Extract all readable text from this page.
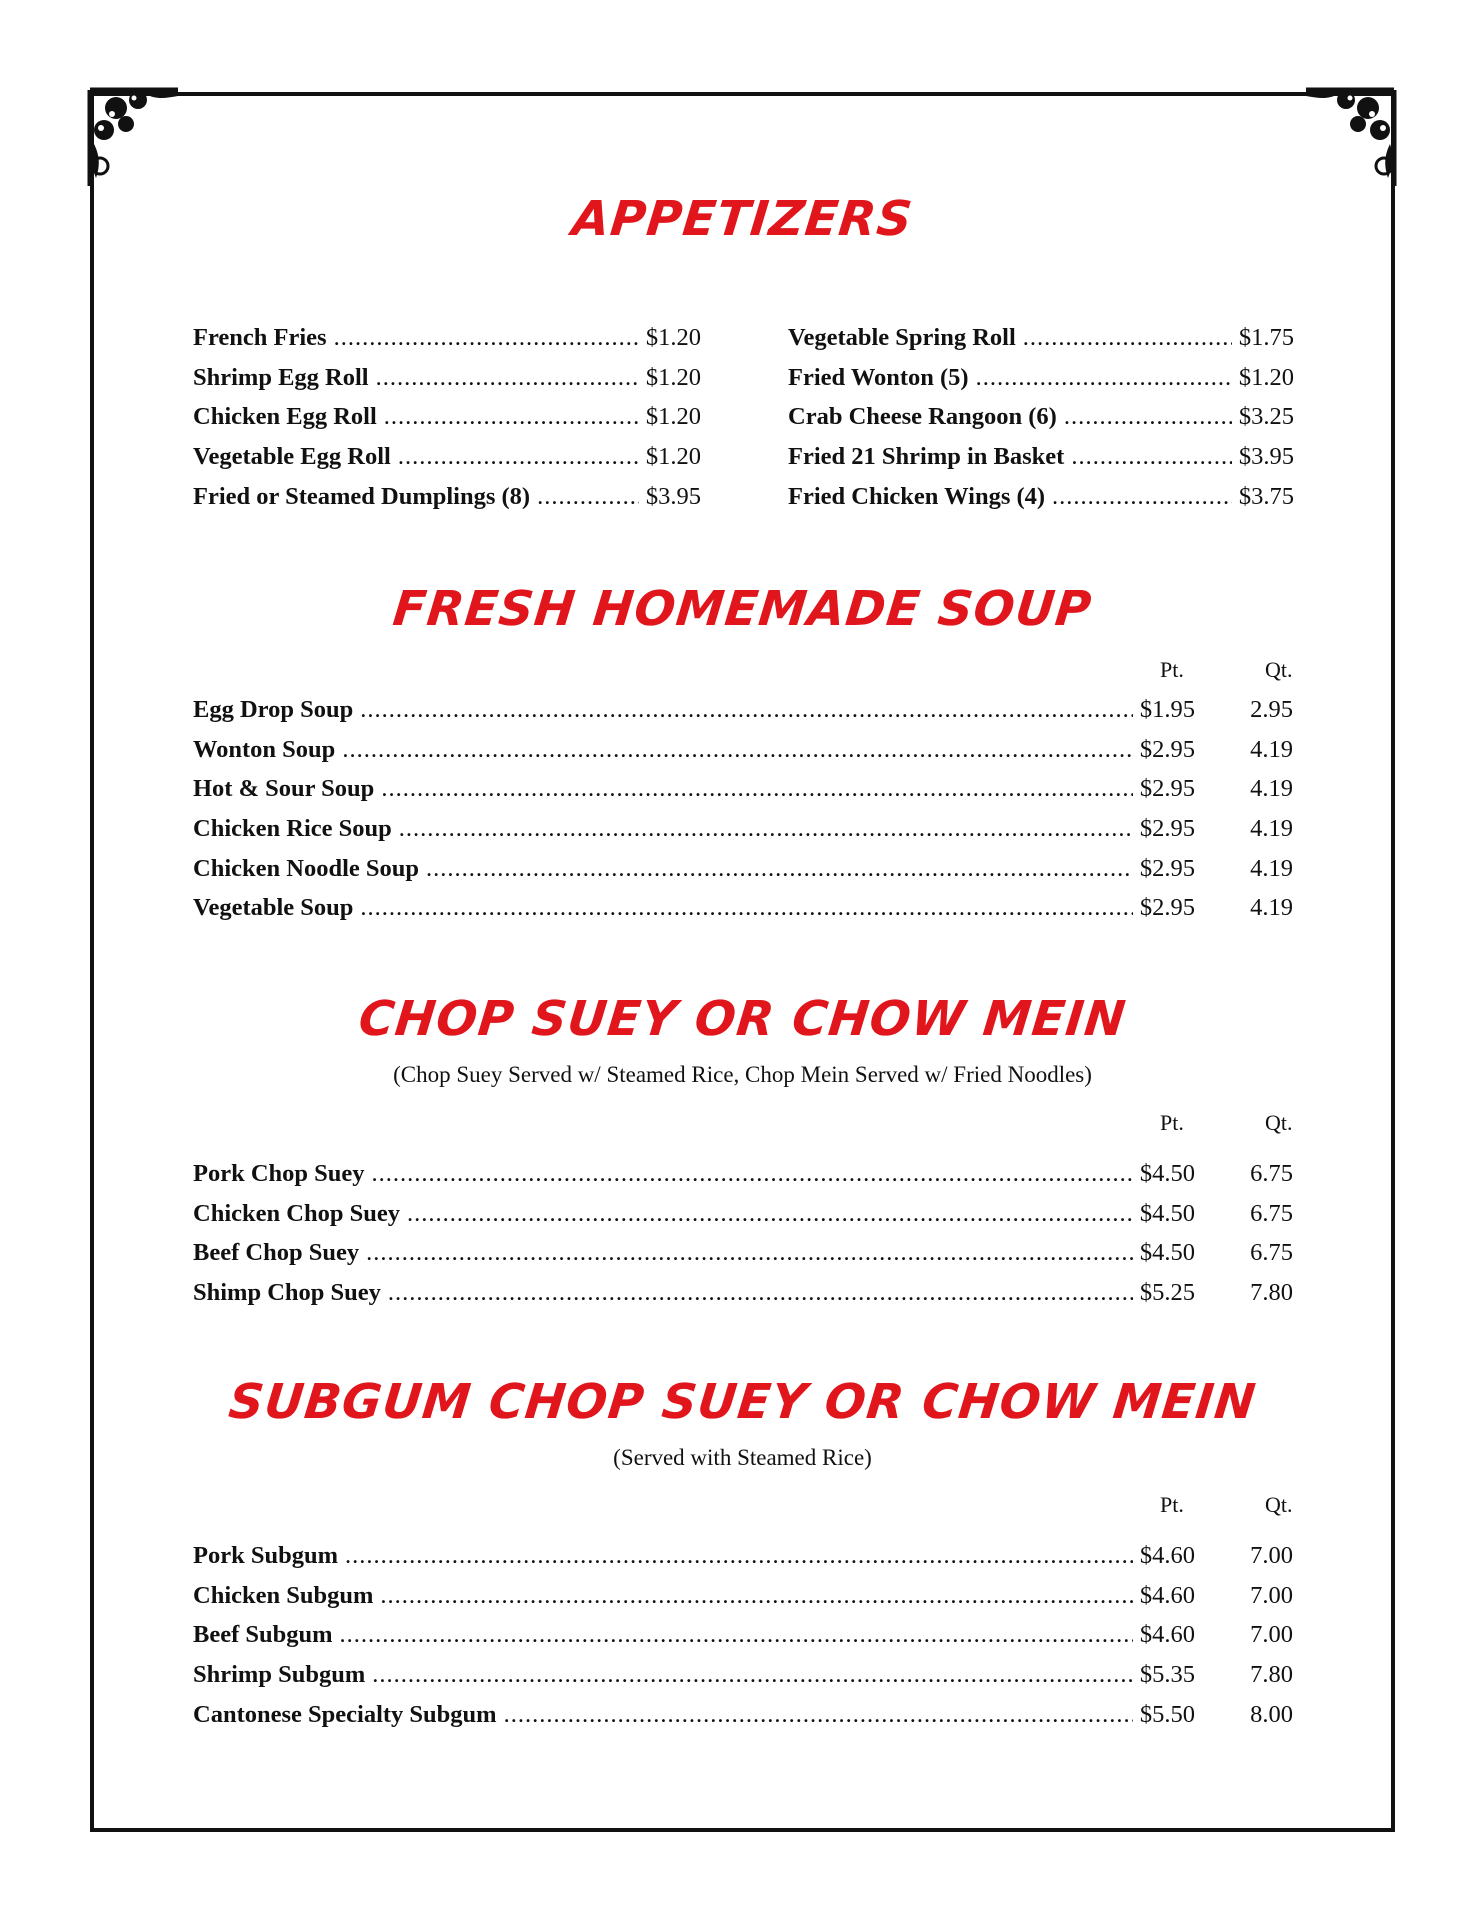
APPETIZERS
French Fries .....	$1.20
Shrimp Egg Roll .....	$1.20
Chicken Egg Roll .....	$1.20
Vegetable Egg Roll .....	$1.20
Fried or Steamed Dumplings (8) .....	$3.95
Vegetable Spring Roll .....	$1.75
Fried Wonton (5) .....	$1.20
Crab Cheese Rangoon (6) .....	$3.25
Fried 21 Shrimp in Basket .....	$3.95
Fried Chicken Wings (4) .....	$3.75
FRESH HOMEMADE SOUP
Pt.	Qt.
Egg Drop Soup .....	$1.95 2.95
Wonton Soup .....	$2.95 4.19
Hot & Sour Soup .....	$2.95 4.19
Chicken Rice Soup .....	$2.95 4.19
Chicken Noodle Soup .....	$2.95 4.19
Vegetable Soup .....	$2.95 4.19
CHOP SUEY OR CHOW MEIN
(Chop Suey Served w/ Steamed Rice, Chop Mein Served w/ Fried Noodles)
Pt.	Qt.
Pork Chop Suey .....	$4.50 6.75
Chicken Chop Suey .....	$4.50 6.75
Beef Chop Suey .....	$4.50 6.75
Shimp Chop Suey .....	$5.25 7.80
SUBGUM CHOP SUEY OR CHOW MEIN
(Served with Steamed Rice)
Pt.	Qt.
Pork Subgum .....	$4.60 7.00
Chicken Subgum .....	$4.60 7.00
Beef Subgum .....	$4.60 7.00
Shrimp Subgum .....	$5.35 7.80
Cantonese Specialty Subgum .....	$5.50 8.00
